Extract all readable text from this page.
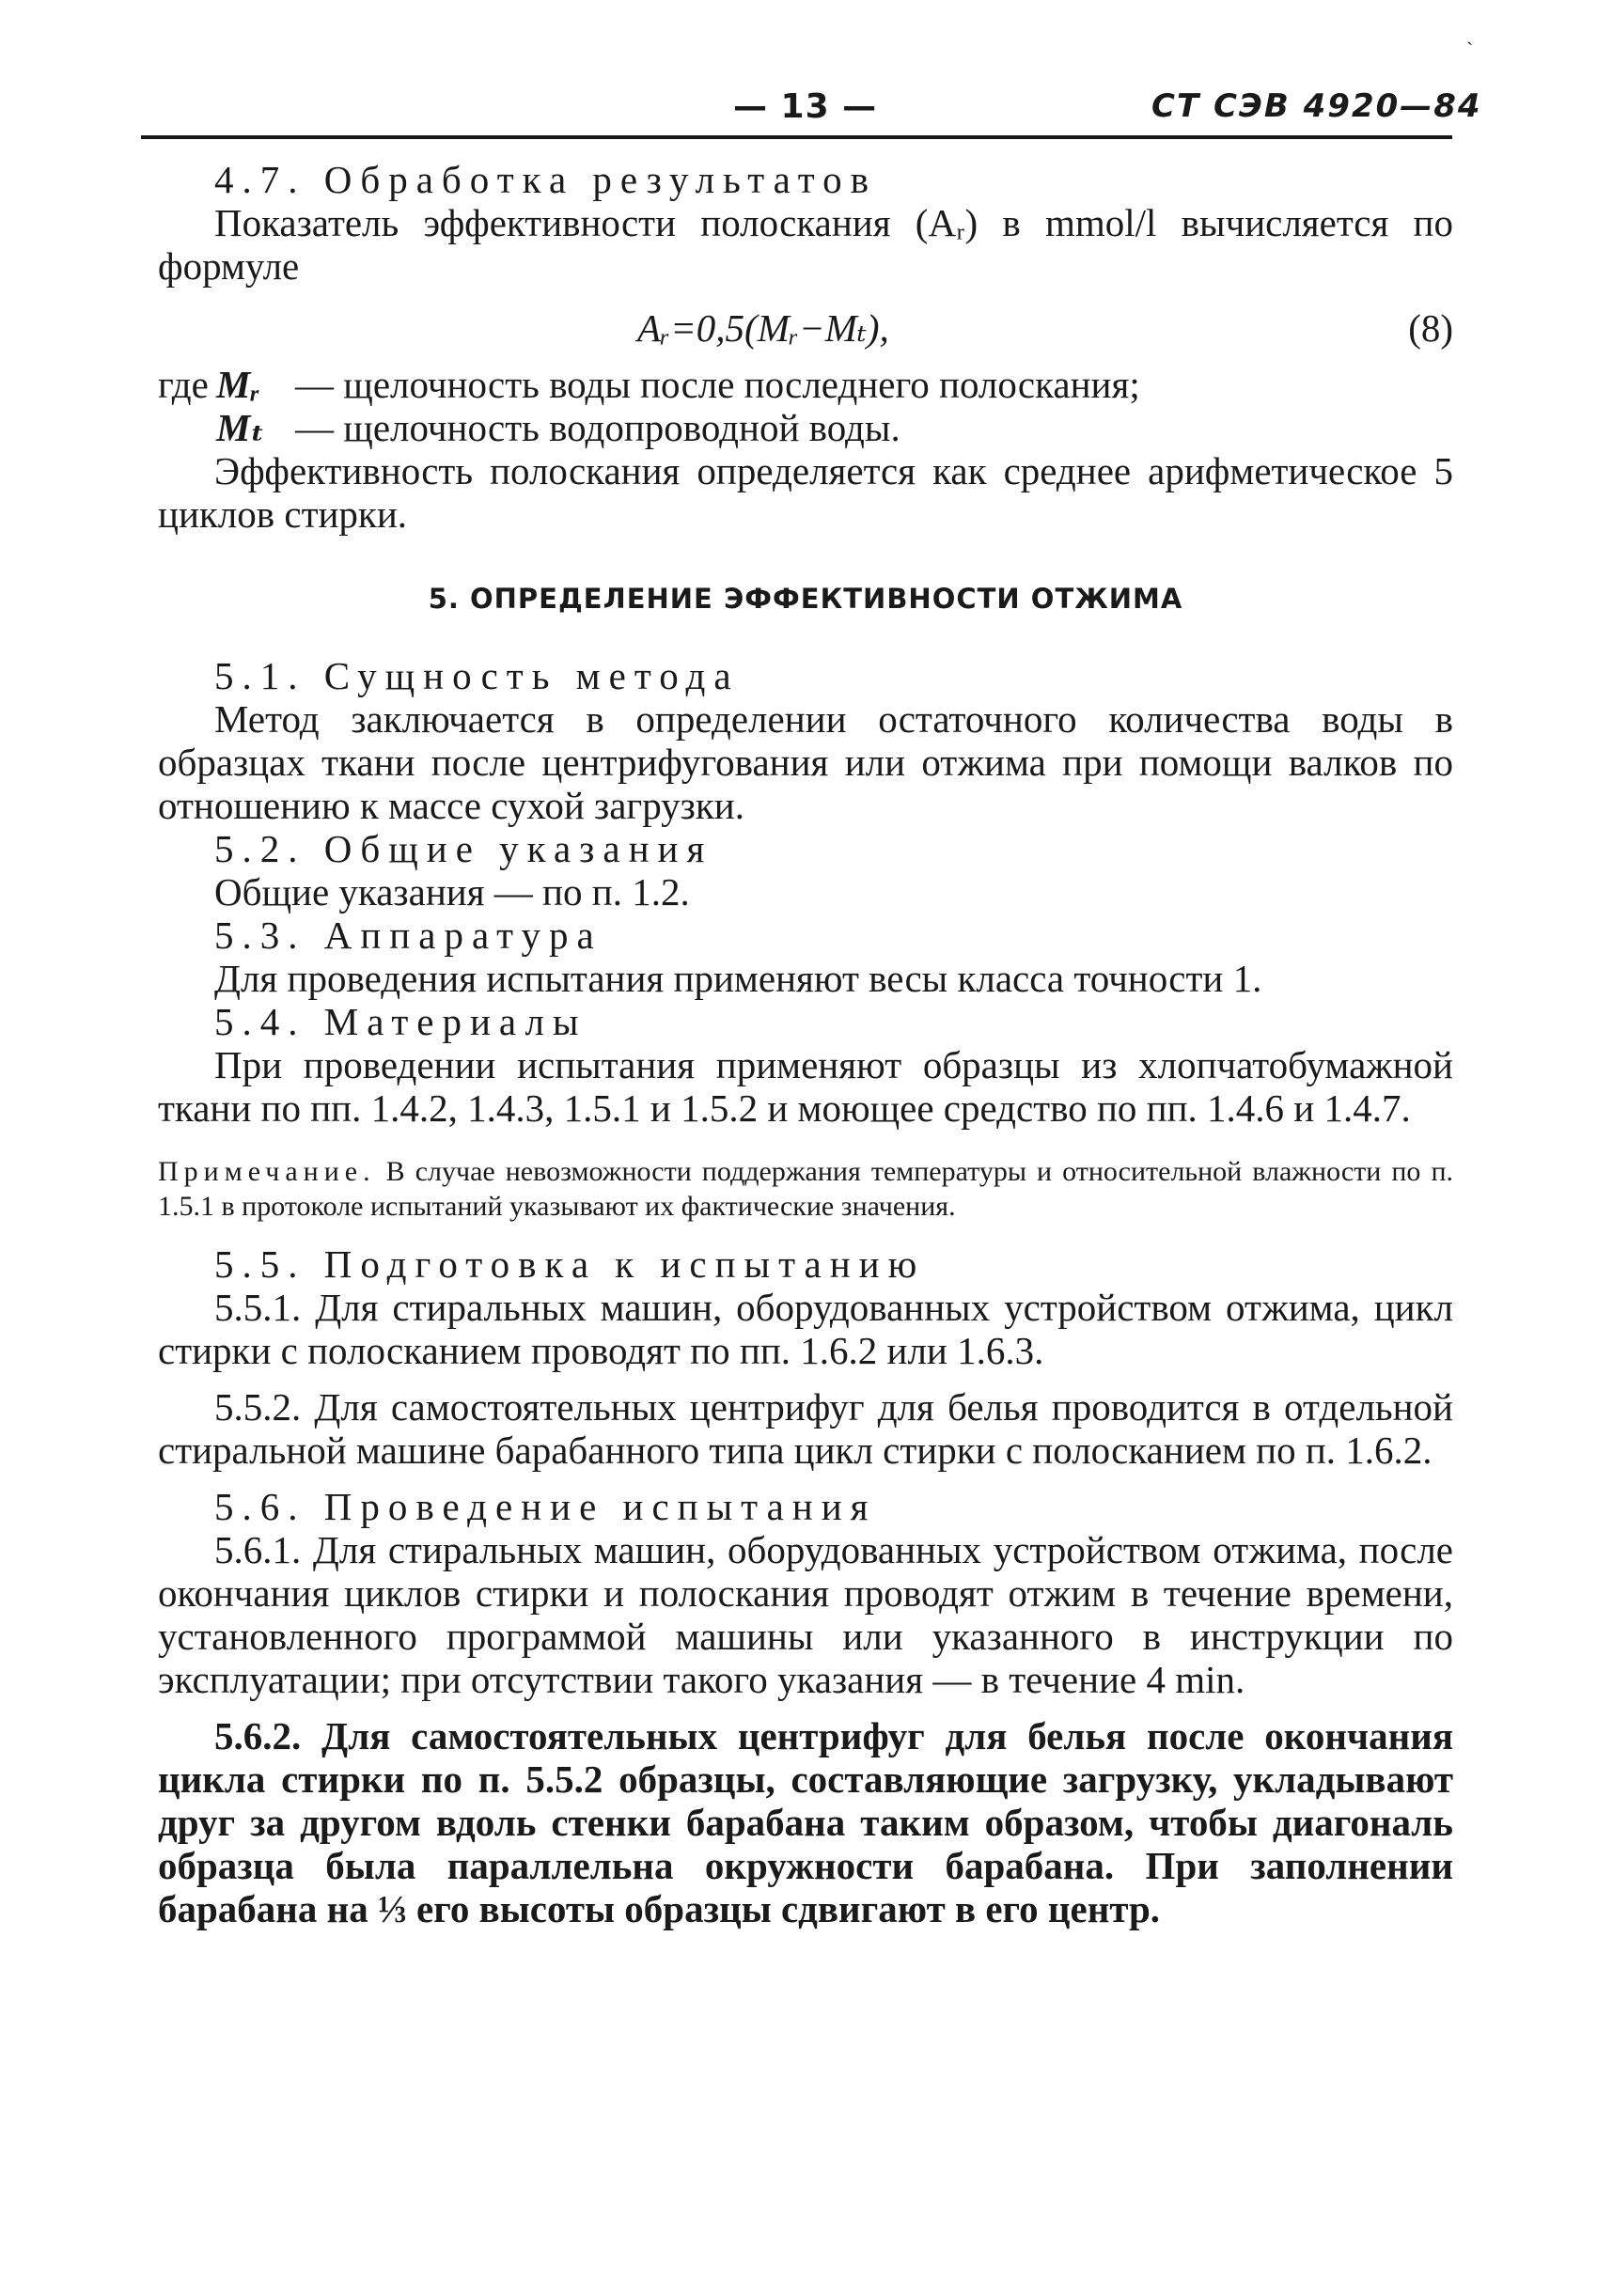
`
— 13 —	СТ СЭВ 4920—84

4.7. Обработка результатов

Показатель эффективности полоскания (Aᵣ) в mmol/l вычисляется по формуле

Aᵣ=0,5(Mᵣ−Mₜ),	(8)
где Mᵣ — щелочность воды после последнего полоскания;
Mₜ — щелочность водопроводной воды.

Эффективность полоскания определяется как среднее арифметическое 5 циклов стирки.

5. ОПРЕДЕЛЕНИЕ ЭФФЕКТИВНОСТИ ОТЖИМА

5.1. Сущность метода

Метод заключается в определении остаточного количества воды в образцах ткани после центрифугования или отжима при помощи валков по отношению к массе сухой загрузки.

5.2. Общие указания

Общие указания — по п. 1.2.

5.3. Аппаратура

Для проведения испытания применяют весы класса точности 1.

5.4. Материалы

При проведении испытания применяют образцы из хлопчатобумажной ткани по пп. 1.4.2, 1.4.3, 1.5.1 и 1.5.2 и моющее средство по пп. 1.4.6 и 1.4.7.

Примечание. В случае невозможности поддержания температуры и относительной влажности по п. 1.5.1 в протоколе испытаний указывают их фактические значения.

5.5. Подготовка к испытанию

5.5.1. Для стиральных машин, оборудованных устройством отжима, цикл стирки с полосканием проводят по пп. 1.6.2 или 1.6.3.

5.5.2. Для самостоятельных центрифуг для белья проводится в отдельной стиральной машине барабанного типа цикл стирки с полосканием по п. 1.6.2.

5.6. Проведение испытания

5.6.1. Для стиральных машин, оборудованных устройством отжима, после окончания циклов стирки и полоскания проводят отжим в течение времени, установленного программой машины или указанного в инструкции по эксплуатации; при отсутствии такого указания — в течение 4 min.

5.6.2. Для самостоятельных центрифуг для белья после окончания цикла стирки по п. 5.5.2 образцы, составляющие загрузку, укладывают друг за другом вдоль стенки барабана таким образом, чтобы диагональ образца была параллельна окружности барабана. При заполнении барабана на ⅓ его высоты образцы сдвигают в его центр.
